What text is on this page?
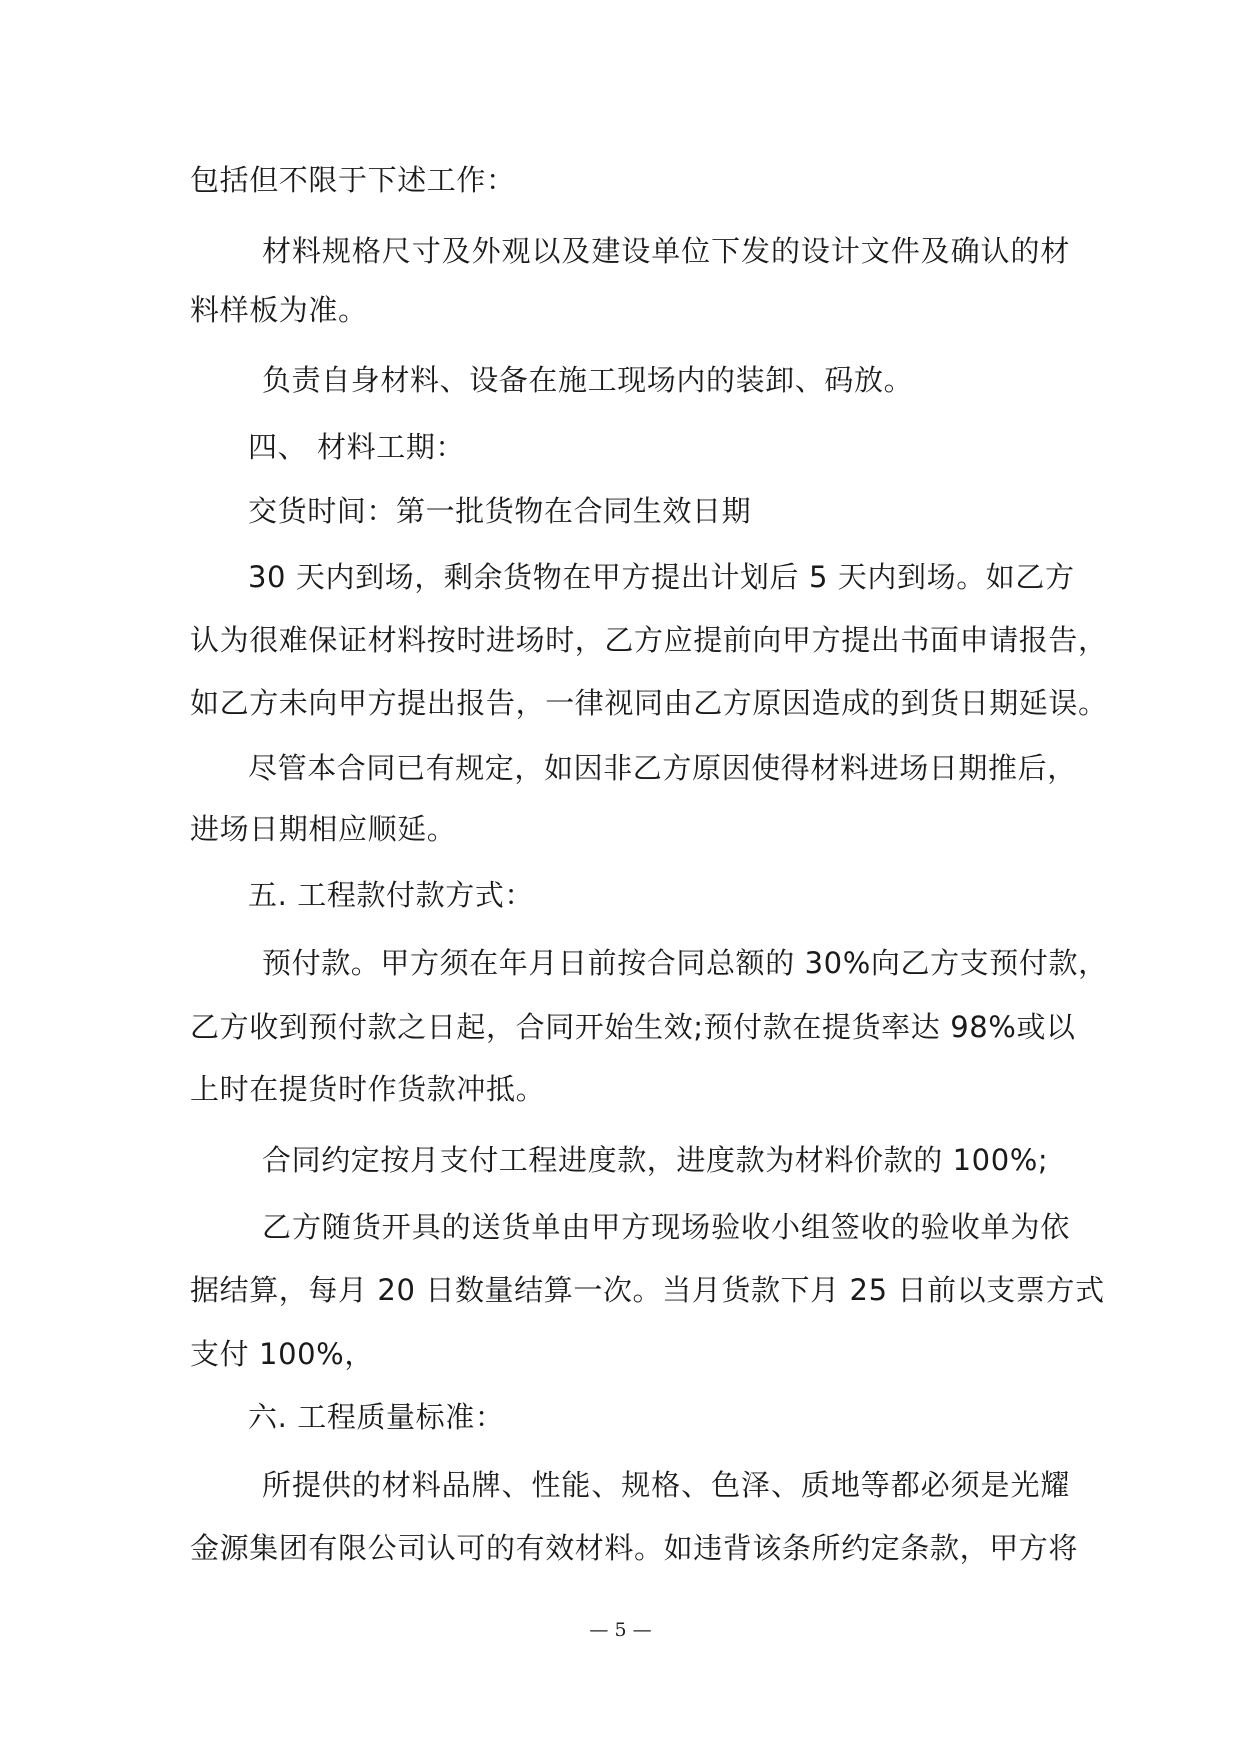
包括但不限于下述工作：
材料规格尺寸及外观以及建设单位下发的设计文件及确认的材
料样板为准。
负责自身材料、设备在施工现场内的装卸、码放。
四、 材料工期：
交货时间：第一批货物在合同生效日期
30 天内到场，剩余货物在甲方提出计划后 5 天内到场。如乙方
认为很难保证材料按时进场时，乙方应提前向甲方提出书面申请报告，
如乙方未向甲方提出报告，一律视同由乙方原因造成的到货日期延误。
尽管本合同已有规定，如因非乙方原因使得材料进场日期推后，
进场日期相应顺延。
五. 工程款付款方式：
预付款。甲方须在年月日前按合同总额的 30%向乙方支预付款，
乙方收到预付款之日起，合同开始生效;预付款在提货率达 98%或以
上时在提货时作货款冲抵。
合同约定按月支付工程进度款，进度款为材料价款的 100%;
乙方随货开具的送货单由甲方现场验收小组签收的验收单为依
据结算，每月 20 日数量结算一次。当月货款下月 25 日前以支票方式
支付 100%，
六. 工程质量标准：
所提供的材料品牌、性能、规格、色泽、质地等都必须是光耀
金源集团有限公司认可的有效材料。如违背该条所约定条款，甲方将
— 5 —
